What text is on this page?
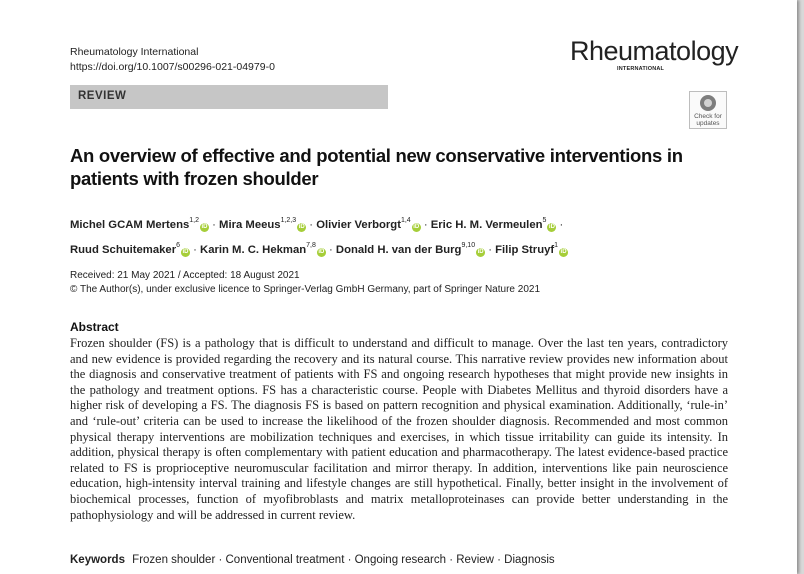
Rheumatology International
https://doi.org/10.1007/s00296-021-04979-0
Rheumatology
INTERNATIONAL
REVIEW
Check for
updates
An overview of effective and potential new conservative interventions in patients with frozen shoulder
Michel GCAM Mertens$^{1,2}$iD · Mira Meeus$^{1,2,3}$iD · Olivier Verborgt$^{1,4}$iD · Eric H. M. Vermeulen$^5$iD ·
Ruud Schuitemaker$^6$iD · Karin M. C. Hekman$^{7,8}$iD · Donald H. van der Burg$^{9,10}$iD · Filip Struyf$^1$iD
Received: 21 May 2021 / Accepted: 18 August 2021
© The Author(s), under exclusive licence to Springer-Verlag GmbH Germany, part of Springer Nature 2021
Abstract
Frozen shoulder (FS) is a pathology that is difficult to understand and difficult to manage. Over the last ten years, contradictory and new evidence is provided regarding the recovery and its natural course. This narrative review provides new information about the diagnosis and conservative treatment of patients with FS and ongoing research hypotheses that might provide new insights in the pathology and treatment options. FS has a characteristic course. People with Diabetes Mellitus and thyroid disorders have a higher risk of developing a FS. The diagnosis FS is based on pattern recognition and physical examination. Additionally, ‘rule-in’ and ‘rule-out’ criteria can be used to increase the likelihood of the frozen shoulder diagnosis. Recommended and most common physical therapy interventions are mobilization techniques and exercises, in which tissue irritability can guide its intensity. In addition, physical therapy is often complementary with patient education and pharmacotherapy. The latest evidence-based practice related to FS is proprioceptive neuromuscular facilitation and mirror therapy. In addition, interventions like pain neuroscience education, high-intensity interval training and lifestyle changes are still hypothetical. Finally, better insight in the involvement of biochemical processes, function of myofibroblasts and matrix metalloproteinases can provide better understanding in the pathophysiology and will be addressed in current review.
Keywords Frozen shoulder · Conventional treatment · Ongoing research · Review · Diagnosis
